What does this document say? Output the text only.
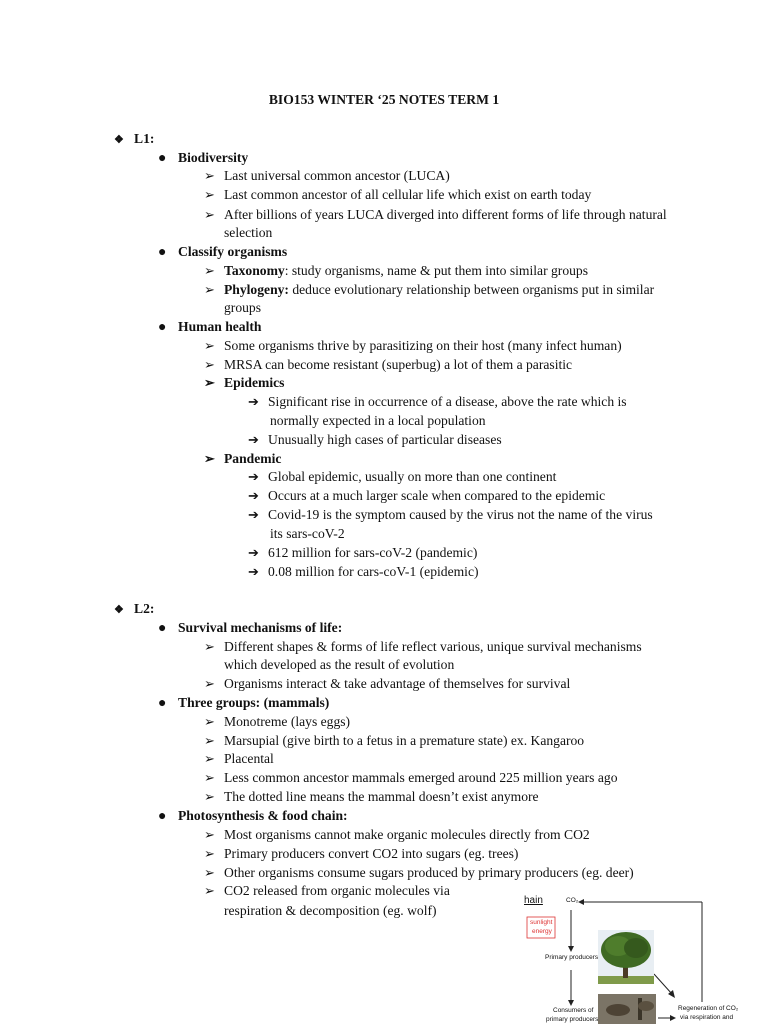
BIO153 WINTER ‘25 NOTES TERM 1
❖ L1:
● Biodiversity
➢ Last universal common ancestor (LUCA)
➢ Last common ancestor of all cellular life which exist on earth today
➢ After billions of years LUCA diverged into different forms of life through natural
selection
● Classify organisms
➢ Taxonomy: study organisms, name & put them into similar groups
➢ Phylogeny: deduce evolutionary relationship between organisms put in similar
groups
● Human health
➢ Some organisms thrive by parasitizing on their host (many infect human)
➢ MRSA can become resistant (superbug) a lot of them a parasitic
➢ Epidemics
➔ Significant rise in occurrence of a disease, above the rate which is
normally expected in a local population
➔ Unusually high cases of particular diseases
➢ Pandemic
➔ Global epidemic, usually on more than one continent
➔ Occurs at a much larger scale when compared to the epidemic
➔ Covid-19 is the symptom caused by the virus not the name of the virus
its sars-coV-2
➔ 612 million for sars-coV-2 (pandemic)
➔ 0.08 million for cars-coV-1 (epidemic)
❖ L2:
● Survival mechanisms of life:
➢ Different shapes & forms of life reflect various, unique survival mechanisms
which developed as the result of evolution
➢ Organisms interact & take advantage of themselves for survival
● Three groups: (mammals)
➢ Monotreme (lays eggs)
➢ Marsupial (give birth to a fetus in a premature state) ex. Kangaroo
➢ Placental
➢ Less common ancestor mammals emerged around 225 million years ago
➢ The dotted line means the mammal doesn’t exist anymore
● Photosynthesis & food chain:
➢ Most organisms cannot make organic molecules directly from CO2
➢ Primary producers convert CO2 into sugars (eg. trees)
➢ Other organisms consume sugars produced by primary producers (eg. deer)
➢ CO2 released from organic molecules via
respiration & decomposition (eg. wolf)
hain	CO₂
sunlight
energy
Primary producers
Consumers of
primary producers
Regeneration of CO₂
via respiration and
